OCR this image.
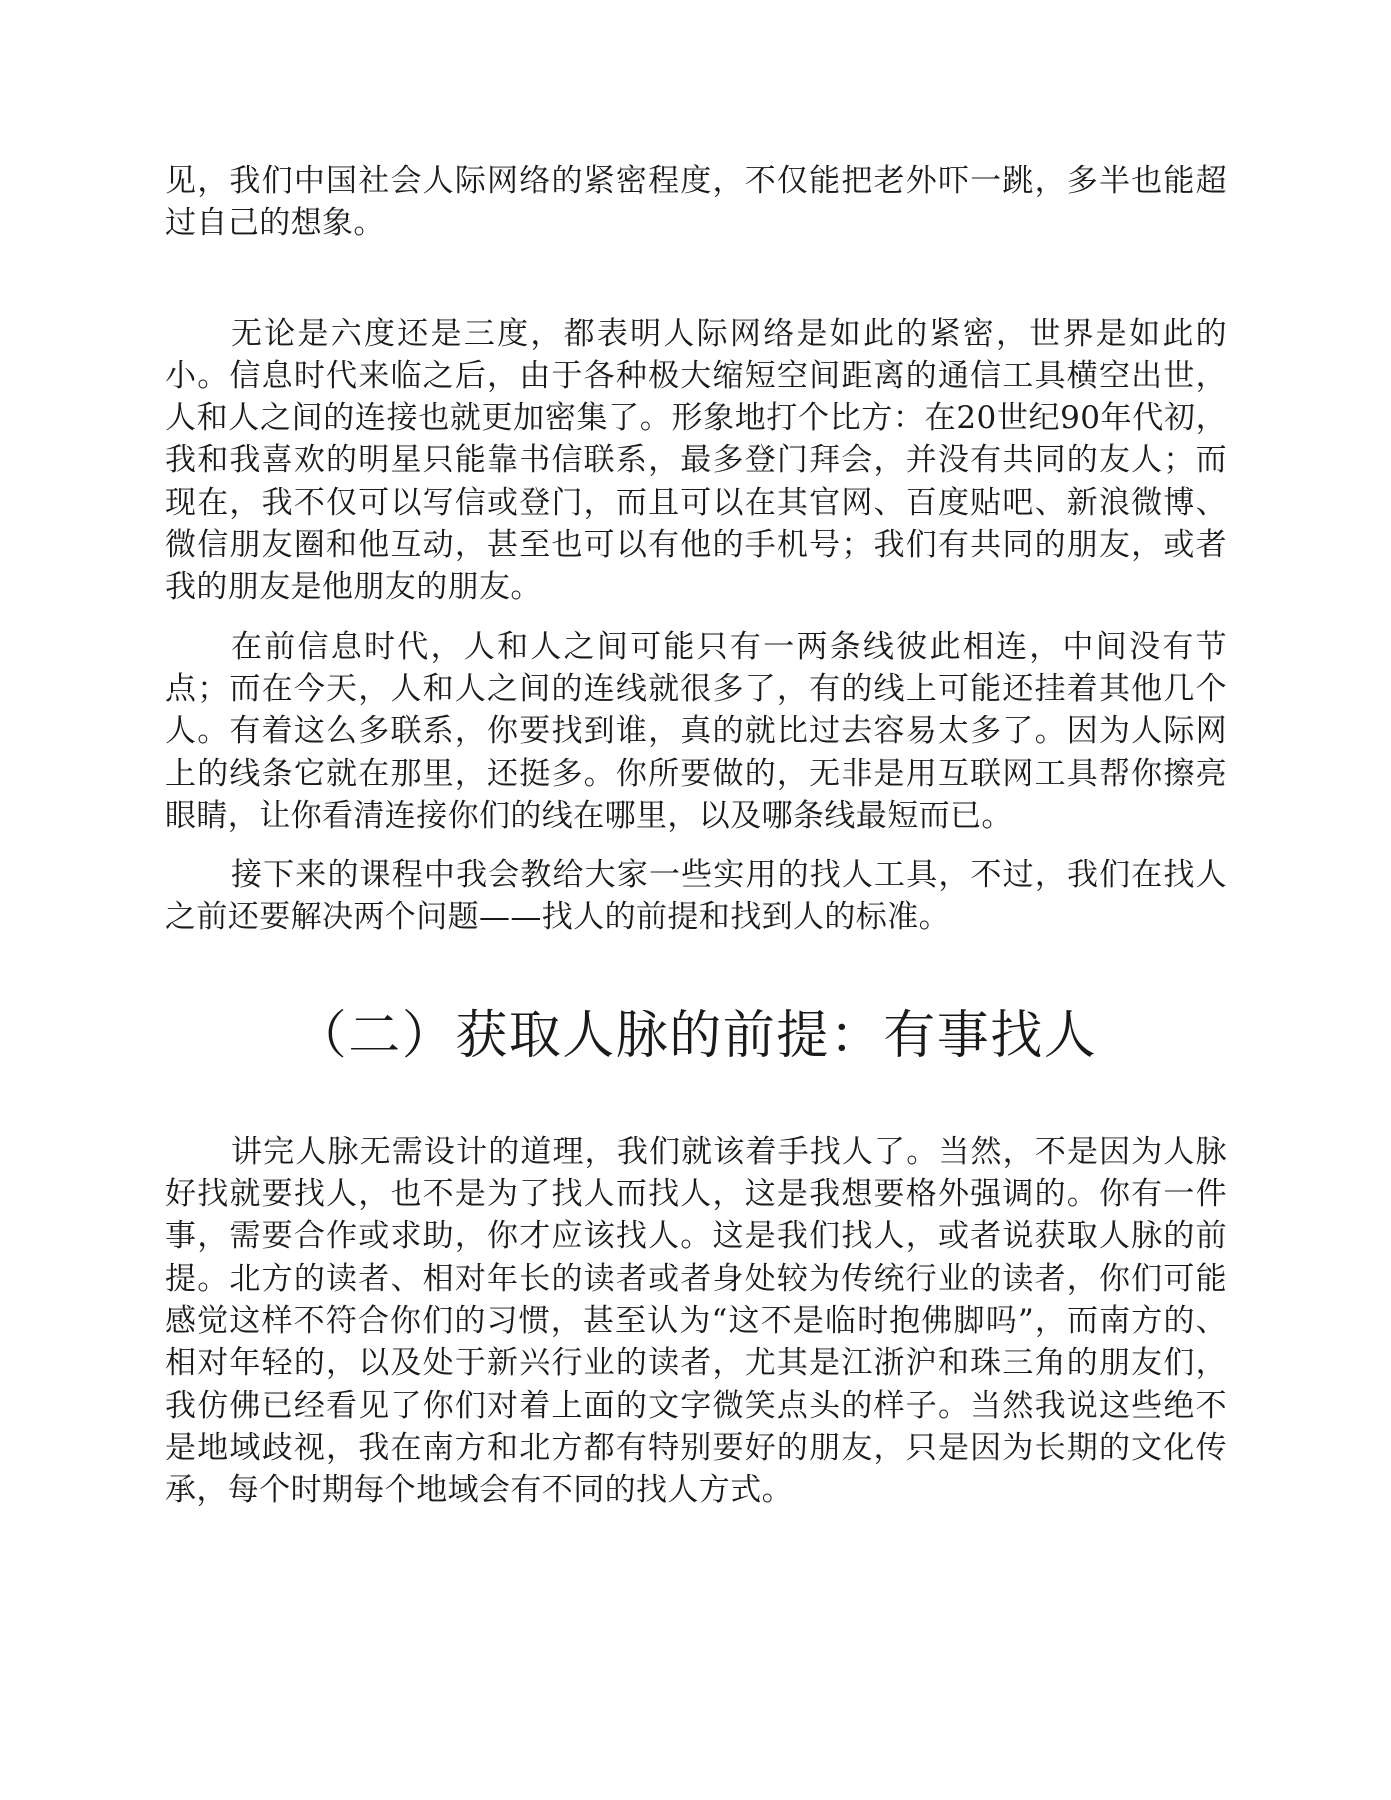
见，我们中国社会人际网络的紧密程度，不仅能把老外吓一跳，多半也能超过自己的想象。

无论是六度还是三度，都表明人际网络是如此的紧密，世界是如此的小。信息时代来临之后，由于各种极大缩短空间距离的通信工具横空出世，人和人之间的连接也就更加密集了。形象地打个比方：在20世纪90年代初，我和我喜欢的明星只能靠书信联系，最多登门拜会，并没有共同的友人；而现在，我不仅可以写信或登门，而且可以在其官网、百度贴吧、新浪微博、微信朋友圈和他互动，甚至也可以有他的手机号；我们有共同的朋友，或者我的朋友是他朋友的朋友。

在前信息时代，人和人之间可能只有一两条线彼此相连，中间没有节点；而在今天，人和人之间的连线就很多了，有的线上可能还挂着其他几个人。有着这么多联系，你要找到谁，真的就比过去容易太多了。因为人际网上的线条它就在那里，还挺多。你所要做的，无非是用互联网工具帮你擦亮眼睛，让你看清连接你们的线在哪里，以及哪条线最短而已。

接下来的课程中我会教给大家一些实用的找人工具，不过，我们在找人之前还要解决两个问题——找人的前提和找到人的标准。

（二）获取人脉的前提：有事找人

讲完人脉无需设计的道理，我们就该着手找人了。当然，不是因为人脉好找就要找人，也不是为了找人而找人，这是我想要格外强调的。你有一件事，需要合作或求助，你才应该找人。这是我们找人，或者说获取人脉的前提。北方的读者、相对年长的读者或者身处较为传统行业的读者，你们可能感觉这样不符合你们的习惯，甚至认为“这不是临时抱佛脚吗”，而南方的、相对年轻的，以及处于新兴行业的读者，尤其是江浙沪和珠三角的朋友们，我仿佛已经看见了你们对着上面的文字微笑点头的样子。当然我说这些绝不是地域歧视，我在南方和北方都有特别要好的朋友，只是因为长期的文化传承，每个时期每个地域会有不同的找人方式。
